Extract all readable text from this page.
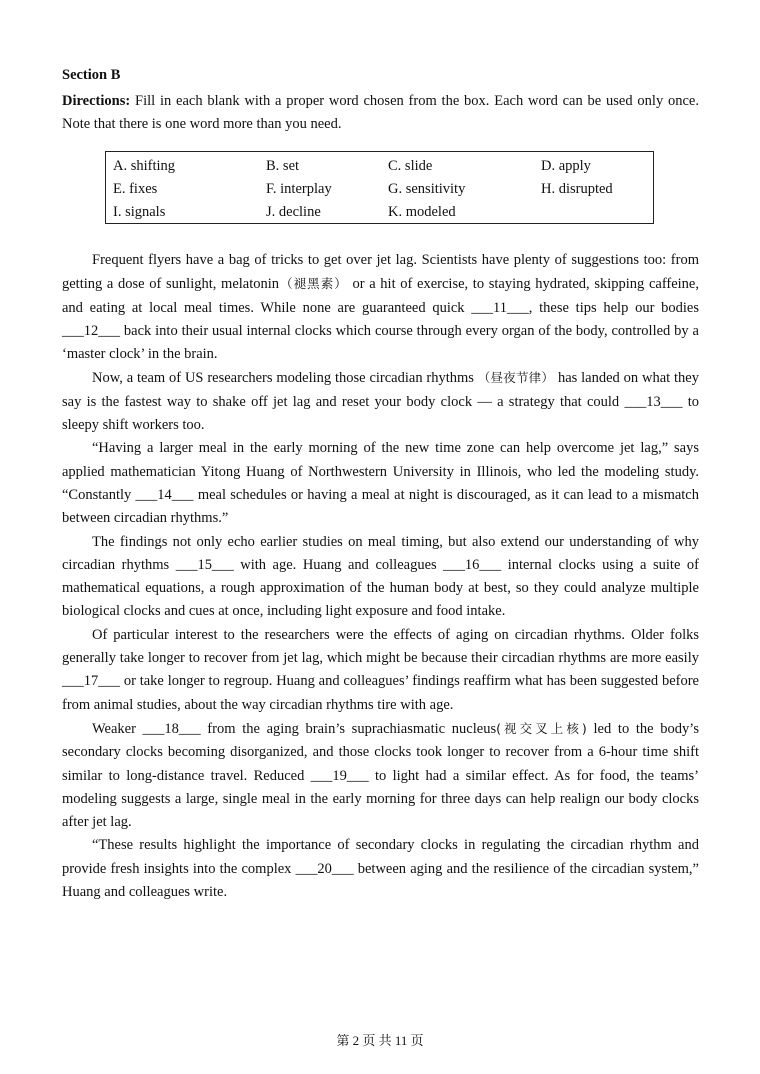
Section B

Directions: Fill in each blank with a proper word chosen from the box. Each word can be used only once. Note that there is one word more than you need.

A. shifting	B. set	C. slide	D. apply
E. fixes	F. interplay	G. sensitivity	H. disrupted
I. signals	J. decline	K. modeled

Frequent flyers have a bag of tricks to get over jet lag. Scientists have plenty of suggestions too: from getting a dose of sunlight, melatonin（褪黑素） or a hit of exercise, to staying hydrated, skipping caffeine, and eating at local meal times. While none are guaranteed quick ___11___, these tips help our bodies ___12___ back into their usual internal clocks which course through every organ of the body, controlled by a ‘master clock’ in the brain.

Now, a team of US researchers modeling those circadian rhythms （昼夜节律） has landed on what they say is the fastest way to shake off jet lag and reset your body clock — a strategy that could ___13___ to sleepy shift workers too.

“Having a larger meal in the early morning of the new time zone can help overcome jet lag,” says applied mathematician Yitong Huang of Northwestern University in Illinois, who led the modeling study. “Constantly ___14___ meal schedules or having a meal at night is discouraged, as it can lead to a mismatch between circadian rhythms.”

The findings not only echo earlier studies on meal timing, but also extend our understanding of why circadian rhythms ___15___ with age. Huang and colleagues ___16___ internal clocks using a suite of mathematical equations, a rough approximation of the human body at best, so they could analyze multiple biological clocks and cues at once, including light exposure and food intake.

Of particular interest to the researchers were the effects of aging on circadian rhythms. Older folks generally take longer to recover from jet lag, which might be because their circadian rhythms are more easily ___17___ or take longer to regroup. Huang and colleagues’ findings reaffirm what has been suggested before from animal studies, about the way circadian rhythms tire with age.

Weaker ___18___ from the aging brain’s suprachiasmatic nucleus(视交叉上核) led to the body’s secondary clocks becoming disorganized, and those clocks took longer to recover from a 6-hour time shift similar to long-distance travel. Reduced ___19___ to light had a similar effect. As for food, the teams’ modeling suggests a large, single meal in the early morning for three days can help realign our body clocks after jet lag.

“These results highlight the importance of secondary clocks in regulating the circadian rhythm and provide fresh insights into the complex ___20___ between aging and the resilience of the circadian system,” Huang and colleagues write.

第 2 页 共 11 页
